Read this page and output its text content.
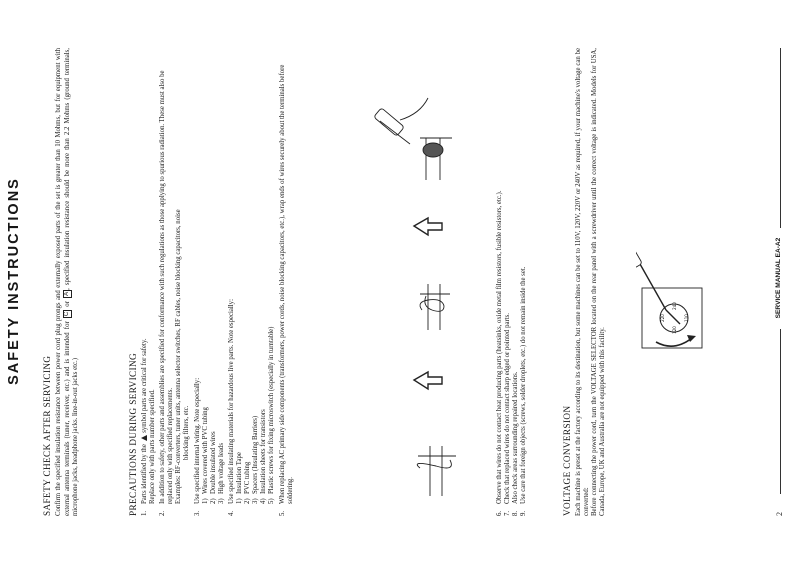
SAFETY INSTRUCTIONS
SAFETY CHECK AFTER SERVICING Confirm the specified insulation resistance between power cord plug prongs and externally exposed parts of the set is greater than 10 Mohms, but for equipment with external antenna terminals (tuner, receiver, etc.) and is intended for C or A, specified insulation resistance should be more than 2.2 Mohms (ground terminals, microphone jacks, headphone jacks. line-in-out jacks etc.)	PRECAUTIONS DURING SERVICING 1.
Parts identified by the  symbol parts are critical for safety.
Replace only with parts number specified.
2.
In addition to safety, other parts and assemblies are specified for conformance with such regulations as those applying to spurious radiation. These must also be replaced only with specified replacements.
Examples: RF-converters, tuner units, antenna selector switches, RF cables, noise blocking capacitors, noise blocking filters, etc.
3.
Use specified internal wiring. Note especially: 1)
Wires covered with PVC tubing
2)
Double insulated wires
3)
High voltage leads
4.
Use specified insulating materials for hazardous live parts. Note especially: 1)
Insulation Tape
2)
PVC tubing
3)
Spacers (Insulating Barriers)
4)
Insulation sheets for transistors
5)
Plastic screws for fixing microswitch (especially in turntable)
5.
When replacing AC primary side components (transformers, power cords, noise blocking capacitors, etc.), wrap ends of wires securely about the terminals before soldering.
6.
Observe that wires do not contact heat producing parts (heatsinks, oxide metal film resistors, fusible resistors, etc.).
7.
Check that replaced wires do not contact sharp edged or pointed parts.
8.
Also check areas surrounding repaired locations.
9.
Use care that foreign objects (screws, solder droplets, etc.) do not remain inside the set.	VOLTAGE CONVERSION Each machine is preset at the factory according to its destination, but some machines can be set to 110V, 120V, 220V or 240V as required, if your machine's voltage can be converted: Before connecting the power cord, turn the VOLTAGE SELECTOR located on the rear panel with a screwdriver until the correct voltage is indicated. Models for USA, Canada, Europe, UK and Australia are not equipped with this facility.

220
240
110
120
2
SERVICE MANUAL EA-A2
